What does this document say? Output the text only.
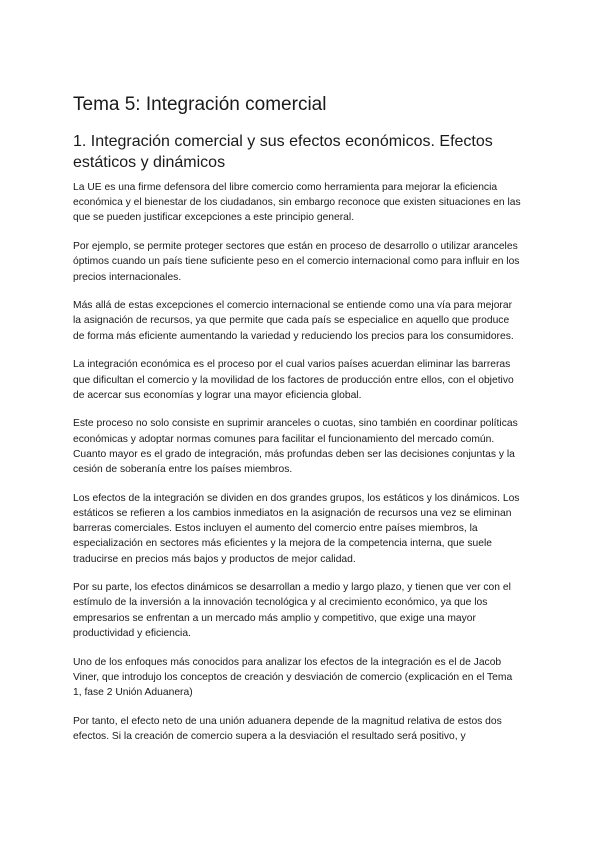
Tema 5: Integración comercial
1. Integración comercial y sus efectos económicos. Efectos estáticos y dinámicos

La UE es una firme defensora del libre comercio como herramienta para mejorar la eficiencia económica y el bienestar de los ciudadanos, sin embargo reconoce que existen situaciones en las que se pueden justificar excepciones a este principio general.

Por ejemplo, se permite proteger sectores que están en proceso de desarrollo o utilizar aranceles óptimos cuando un país tiene suficiente peso en el comercio internacional como para influir en los precios internacionales.

Más allá de estas excepciones el comercio internacional se entiende como una vía para mejorar la asignación de recursos, ya que permite que cada país se especialice en aquello que produce de forma más eficiente aumentando la variedad y reduciendo los precios para los consumidores.

La integración económica es el proceso por el cual varios países acuerdan eliminar las barreras que dificultan el comercio y la movilidad de los factores de producción entre ellos, con el objetivo de acercar sus economías y lograr una mayor eficiencia global.

Este proceso no solo consiste en suprimir aranceles o cuotas, sino también en coordinar políticas económicas y adoptar normas comunes para facilitar el funcionamiento del mercado común. Cuanto mayor es el grado de integración, más profundas deben ser las decisiones conjuntas y la cesión de soberanía entre los países miembros.

Los efectos de la integración se dividen en dos grandes grupos, los estáticos y los dinámicos. Los estáticos se refieren a los cambios inmediatos en la asignación de recursos una vez se eliminan barreras comerciales. Estos incluyen el aumento del comercio entre países miembros, la especialización en sectores más eficientes y la mejora de la competencia interna, que suele traducirse en precios más bajos y productos de mejor calidad.

Por su parte, los efectos dinámicos se desarrollan a medio y largo plazo, y tienen que ver con el estímulo de la inversión a la innovación tecnológica y al crecimiento económico, ya que los empresarios se enfrentan a un mercado más amplio y competitivo, que exige una mayor productividad y eficiencia.

Uno de los enfoques más conocidos para analizar los efectos de la integración es el de Jacob Viner, que introdujo los conceptos de creación y desviación de comercio (explicación en el Tema 1, fase 2 Unión Aduanera)

Por tanto, el efecto neto de una unión aduanera depende de la magnitud relativa de estos dos efectos. Si la creación de comercio supera a la desviación el resultado será positivo, y
